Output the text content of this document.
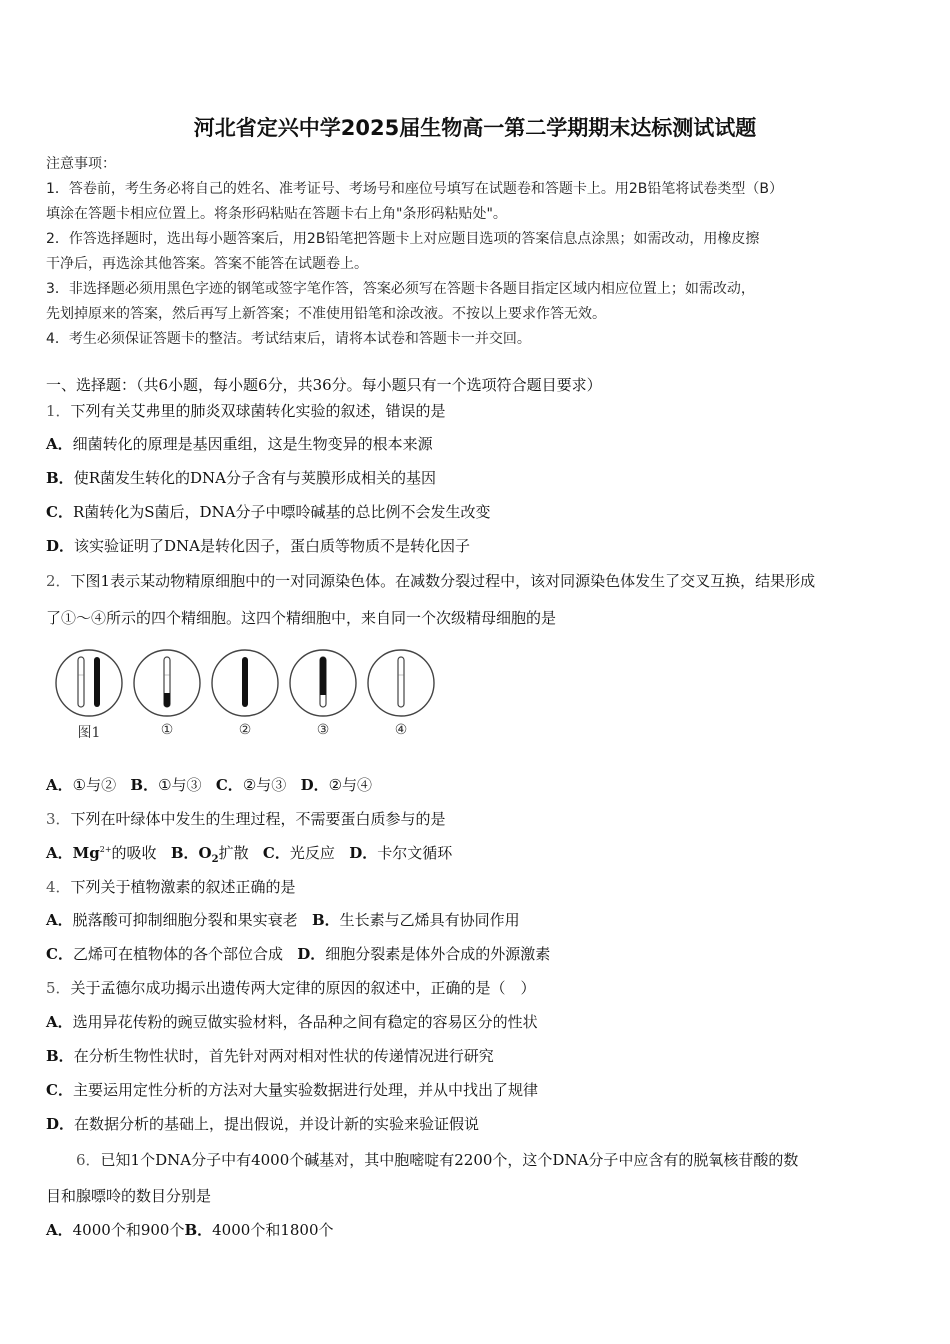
河北省定兴中学2025届生物高一第二学期期末达标测试试题
注意事项：
1．答卷前，考生务必将自己的姓名、准考证号、考场号和座位号填写在试题卷和答题卡上。用2B铅笔将试卷类型（B）
填涂在答题卡相应位置上。将条形码粘贴在答题卡右上角"条形码粘贴处"。
2．作答选择题时，选出每小题答案后，用2B铅笔把答题卡上对应题目选项的答案信息点涂黑；如需改动，用橡皮擦
干净后，再选涂其他答案。答案不能答在试题卷上。
3．非选择题必须用黑色字迹的钢笔或签字笔作答，答案必须写在答题卡各题目指定区域内相应位置上；如需改动，
先划掉原来的答案，然后再写上新答案；不准使用铅笔和涂改液。不按以上要求作答无效。
4．考生必须保证答题卡的整洁。考试结束后，请将本试卷和答题卡一并交回。
一、选择题：（共6小题，每小题6分，共36分。每小题只有一个选项符合题目要求）
1．下列有关艾弗里的肺炎双球菌转化实验的叙述，错误的是
A．细菌转化的原理是基因重组，这是生物变异的根本来源
B．使R菌发生转化的DNA分子含有与荚膜形成相关的基因
C．R菌转化为S菌后，DNA分子中嘌呤碱基的总比例不会发生改变
D．该实验证明了DNA是转化因子，蛋白质等物质不是转化因子
2．下图1表示某动物精原细胞中的一对同源染色体。在减数分裂过程中，该对同源染色体发生了交叉互换，结果形成
了①～④所示的四个精细胞。这四个精细胞中，来自同一个次级精母细胞的是
图1	①	②	③	④
A．①与② B．①与③ C．②与③ D．②与④
3．下列在叶绿体中发生的生理过程，不需要蛋白质参与的是
A．$Mg^{2+}$的吸收 B．$O_2$扩散 C．光反应 D．卡尔文循环
4．下列关于植物激素的叙述正确的是
A．脱落酸可抑制细胞分裂和果实衰老 B．生长素与乙烯具有协同作用
C．乙烯可在植物体的各个部位合成 D．细胞分裂素是体外合成的外源激素
5．关于孟德尔成功揭示出遗传两大定律的原因的叙述中，正确的是（　）
A．选用异花传粉的豌豆做实验材料，各品种之间有稳定的容易区分的性状
B．在分析生物性状时，首先针对两对相对性状的传递情况进行研究
C．主要运用定性分析的方法对大量实验数据进行处理，并从中找出了规律
D．在数据分析的基础上，提出假说，并设计新的实验来验证假说
6．已知1个DNA分子中有4000个碱基对，其中胞嘧啶有2200个，这个DNA分子中应含有的脱氧核苷酸的数
目和腺嘌呤的数目分别是
A．4000个和900个B．4000个和1800个
